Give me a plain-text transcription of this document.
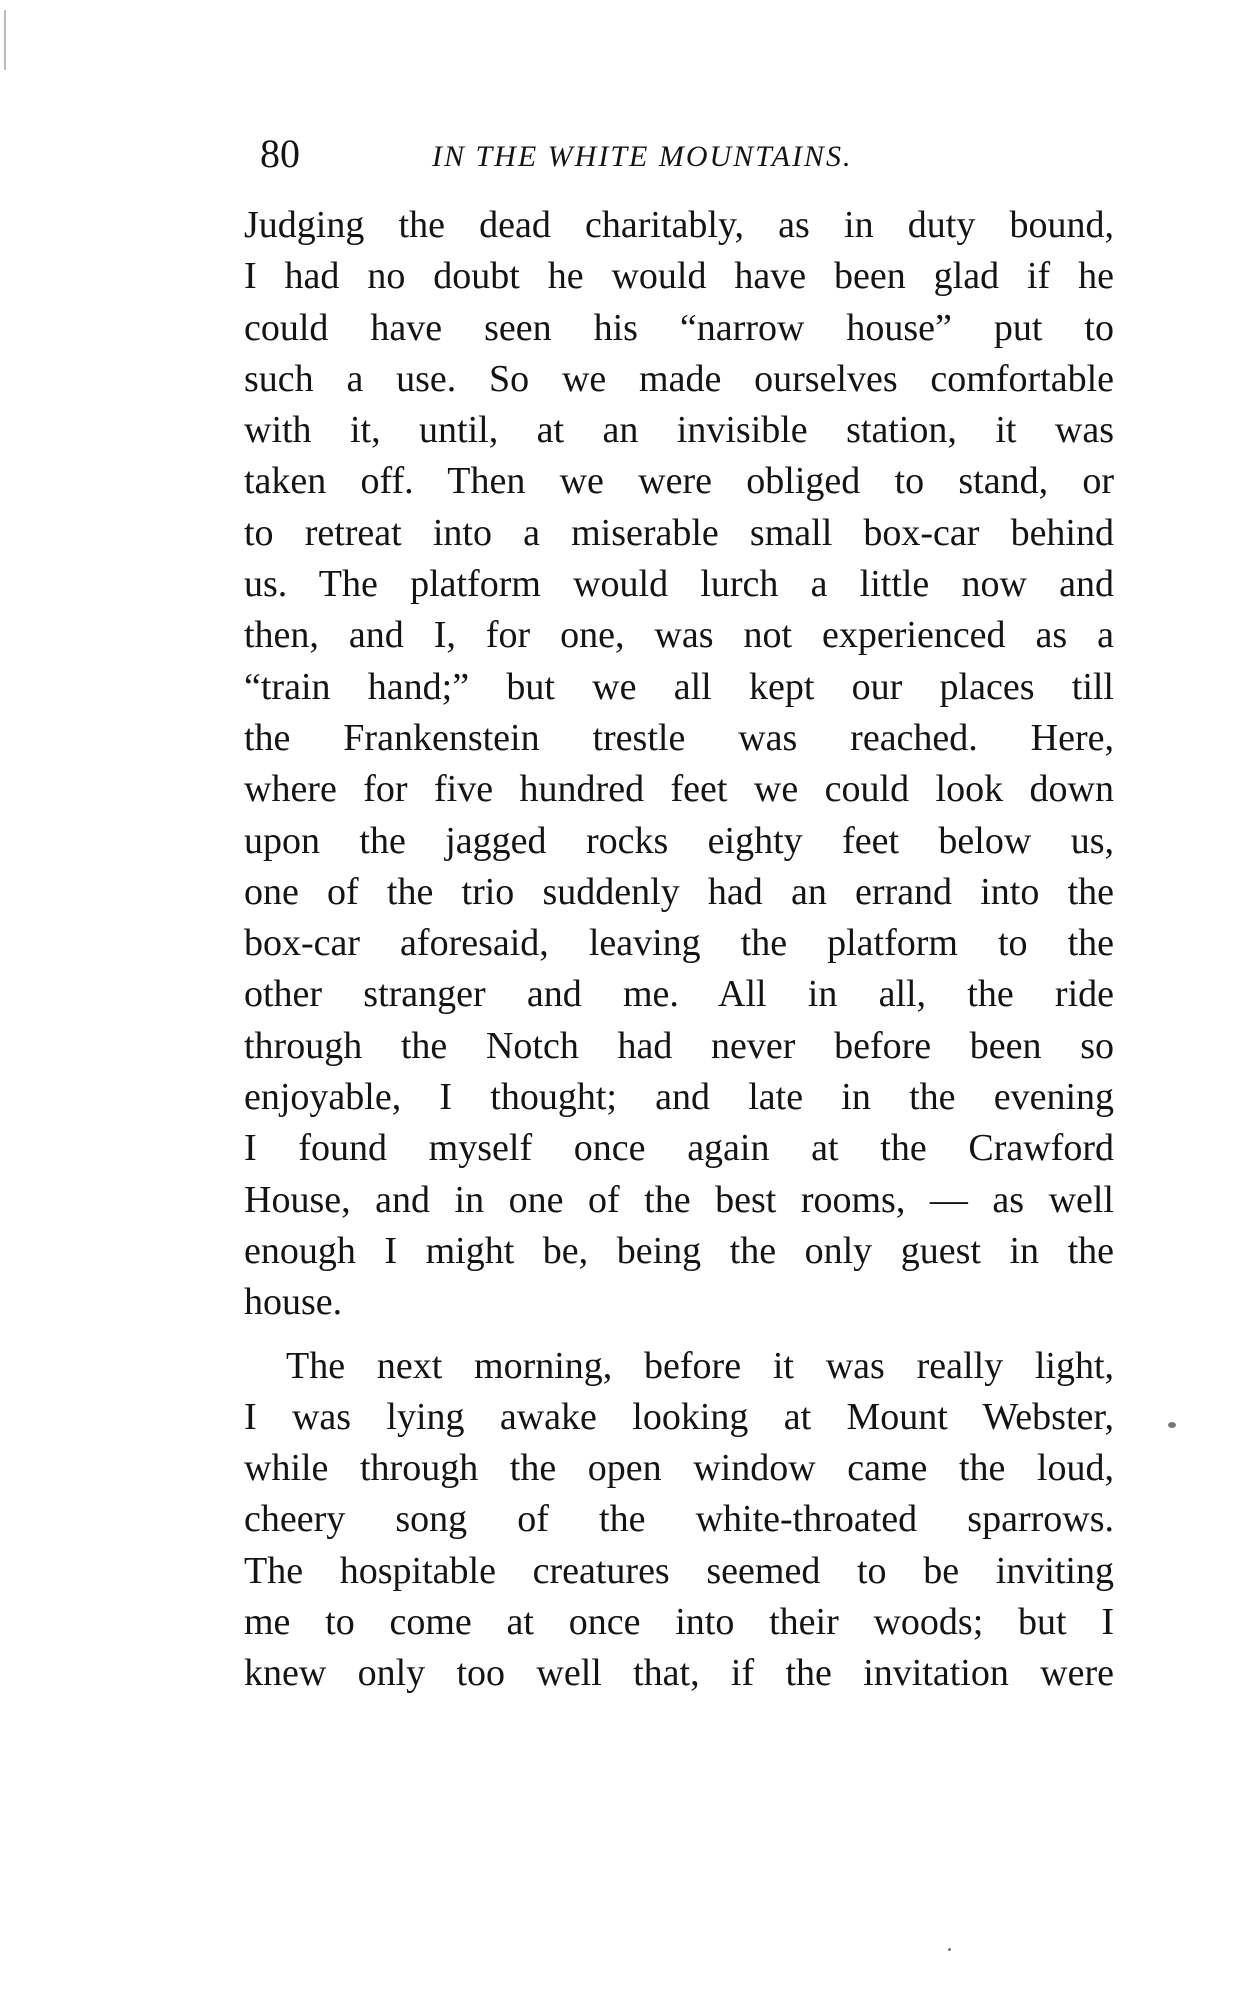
80	IN THE WHITE MOUNTAINS.
Judging the dead charitably, as in duty bound,
I had no doubt he would have been glad if he
could have seen his “narrow house” put to
such a use. So we made ourselves comfortable
with it, until, at an invisible station, it was
taken off. Then we were obliged to stand, or
to retreat into a miserable small box-car behind
us. The platform would lurch a little now and
then, and I, for one, was not experienced as a
“train hand;” but we all kept our places till
the Frankenstein trestle was reached. Here,
where for five hundred feet we could look down
upon the jagged rocks eighty feet below us,
one of the trio suddenly had an errand into the
box-car aforesaid, leaving the platform to the
other stranger and me. All in all, the ride
through the Notch had never before been so
enjoyable, I thought; and late in the evening
I found myself once again at the Crawford
House, and in one of the best rooms, — as well
enough I might be, being the only guest in the
house.
The next morning, before it was really light,
I was lying awake looking at Mount Webster,
while through the open window came the loud,
cheery song of the white-throated sparrows.
The hospitable creatures seemed to be inviting
me to come at once into their woods; but I
knew only too well that, if the invitation were
